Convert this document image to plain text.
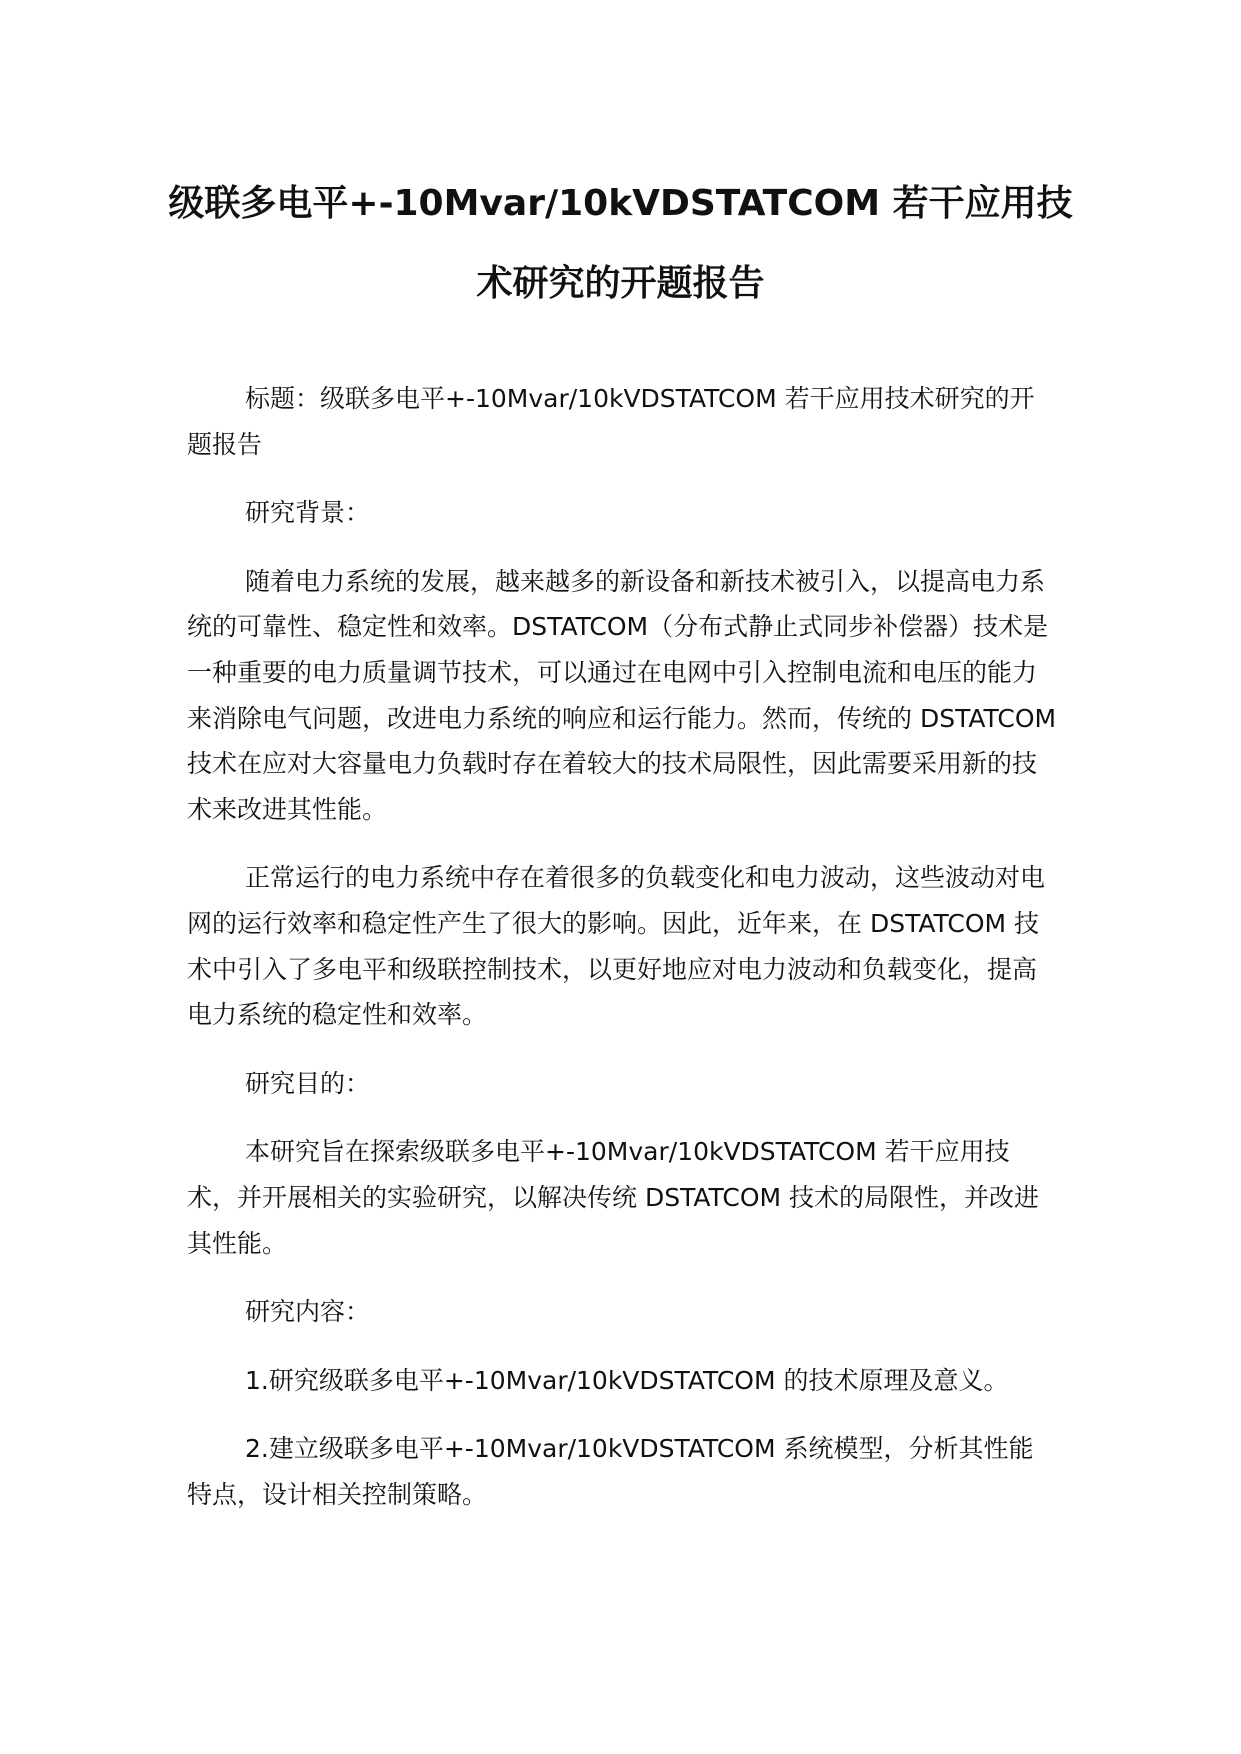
级联多电平+-10Mvar/10kVDSTATCOM 若干应用技
术研究的开题报告

标题：级联多电平+-10Mvar/10kVDSTATCOM 若干应用技术研究的开题报告

研究背景：

随着电力系统的发展，越来越多的新设备和新技术被引入，以提高电力系统的可靠性、稳定性和效率。DSTATCOM（分布式静止式同步补偿器）技术是一种重要的电力质量调节技术，可以通过在电网中引入控制电流和电压的能力来消除电气问题，改进电力系统的响应和运行能力。然而，传统的 DSTATCOM 技术在应对大容量电力负载时存在着较大的技术局限性，因此需要采用新的技术来改进其性能。

正常运行的电力系统中存在着很多的负载变化和电力波动，这些波动对电网的运行效率和稳定性产生了很大的影响。因此，近年来，在 DSTATCOM 技术中引入了多电平和级联控制技术，以更好地应对电力波动和负载变化，提高电力系统的稳定性和效率。

研究目的：

本研究旨在探索级联多电平+-10Mvar/10kVDSTATCOM 若干应用技术，并开展相关的实验研究，以解决传统 DSTATCOM 技术的局限性，并改进其性能。

研究内容：

1.研究级联多电平+-10Mvar/10kVDSTATCOM 的技术原理及意义。

2.建立级联多电平+-10Mvar/10kVDSTATCOM 系统模型，分析其性能特点，设计相关控制策略。
